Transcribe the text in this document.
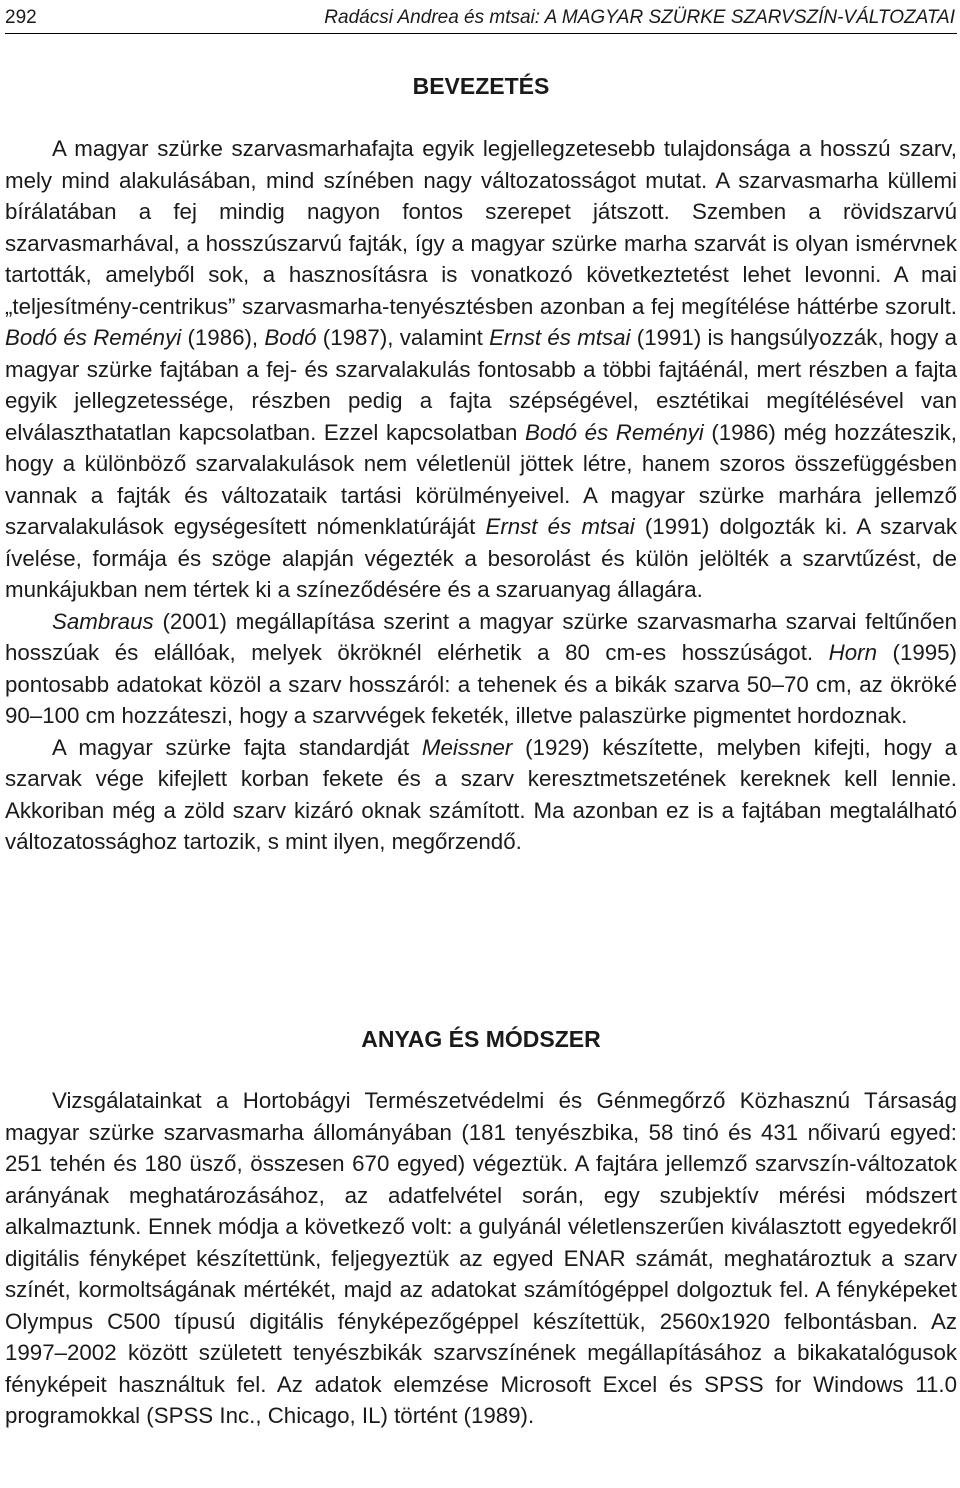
292	Radácsi Andrea és mtsai: A MAGYAR SZÜRKE SZARVSZÍN-VÁLTOZATAI
BEVEZETÉS

A magyar szürke szarvasmarhafajta egyik legjellegzetesebb tulajdonsága a hosszú szarv, mely mind alakulásában, mind színében nagy változatosságot mutat. A szarvasmarha küllemi bírálatában a fej mindig nagyon fontos szerepet játszott. Szemben a rövidszarvú szarvasmarhával, a hosszúszarvú fajták, így a magyar szürke marha szarvát is olyan ismérvnek tartották, amelyből sok, a hasznosításra is vonatkozó következtetést lehet levonni. A mai „teljesítmény-centrikus” szarvasmarha-tenyésztésben azonban a fej megítélése háttérbe szorult. Bodó és Reményi (1986), Bodó (1987), valamint Ernst és mtsai (1991) is hangsúlyozzák, hogy a magyar szürke fajtában a fej- és szarvalakulás fontosabb a többi fajtáénál, mert részben a fajta egyik jellegzetessége, részben pedig a fajta szépségével, esztétikai megítélésével van elválaszthatatlan kapcsolatban. Ezzel kapcsolatban Bodó és Reményi (1986) még hozzáteszik, hogy a különböző szarvalakulások nem véletlenül jöttek létre, hanem szoros összefüggésben vannak a fajták és változataik tartási körülményeivel. A magyar szürke marhára jellemző szarvalakulások egységesített nómenklatúráját Ernst és mtsai (1991) dolgozták ki. A szarvak ívelése, formája és szöge alapján végezték a besorolást és külön jelölték a szarvtűzést, de munkájukban nem tértek ki a színeződésére és a szaruanyag állagára.

Sambraus (2001) megállapítása szerint a magyar szürke szarvasmarha szarvai feltűnően hosszúak és elállóak, melyek ökröknél elérhetik a 80 cm-es hosszúságot. Horn (1995) pontosabb adatokat közöl a szarv hosszáról: a tehenek és a bikák szarva 50–70 cm, az ökröké 90–100 cm hozzáteszi, hogy a szarvvégek feketék, illetve palaszürke pigmentet hordoznak.

A magyar szürke fajta standardját Meissner (1929) készítette, melyben kifejti, hogy a szarvak vége kifejlett korban fekete és a szarv keresztmetszetének kereknek kell lennie. Akkoriban még a zöld szarv kizáró oknak számított. Ma azonban ez is a fajtában megtalálható változatossághoz tartozik, s mint ilyen, megőrzendő.

ANYAG ÉS MÓDSZER

Vizsgálatainkat a Hortobágyi Természetvédelmi és Génmegőrző Közhasznú Társaság magyar szürke szarvasmarha állományában (181 tenyészbika, 58 tinó és 431 nőivarú egyed: 251 tehén és 180 üsző, összesen 670 egyed) végeztük. A fajtára jellemző szarvszín-változatok arányának meghatározásához, az adatfelvétel során, egy szubjektív mérési módszert alkalmaztunk. Ennek módja a következő volt: a gulyánál véletlenszerűen kiválasztott egyedekről digitális fényképet készítettünk, feljegyeztük az egyed ENAR számát, meghatároztuk a szarv színét, kormoltságának mértékét, majd az adatokat számítógéppel dolgoztuk fel. A fényképeket Olympus C500 típusú digitális fényképezőgéppel készítettük, 2560x1920 felbontásban. Az 1997–2002 között született tenyészbikák szarvszínének megállapításához a bikakatalógusok fényképeit használtuk fel. Az adatok elemzése Microsoft Excel és SPSS for Windows 11.0 programokkal (SPSS Inc., Chicago, IL) történt (1989).
